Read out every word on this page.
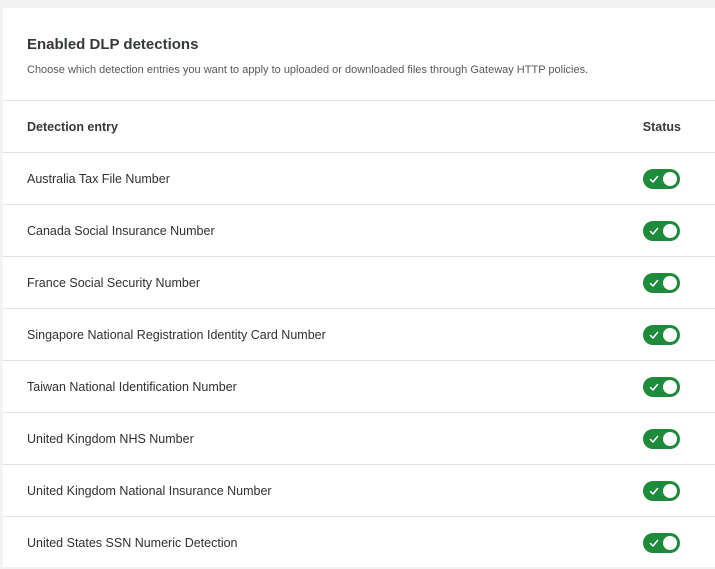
Enabled DLP detections
Choose which detection entries you want to apply to uploaded or downloaded files through Gateway HTTP policies.
Detection entry	Status
Australia Tax File Number
Canada Social Insurance Number
France Social Security Number
Singapore National Registration Identity Card Number
Taiwan National Identification Number
United Kingdom NHS Number
United Kingdom National Insurance Number
United States SSN Numeric Detection
